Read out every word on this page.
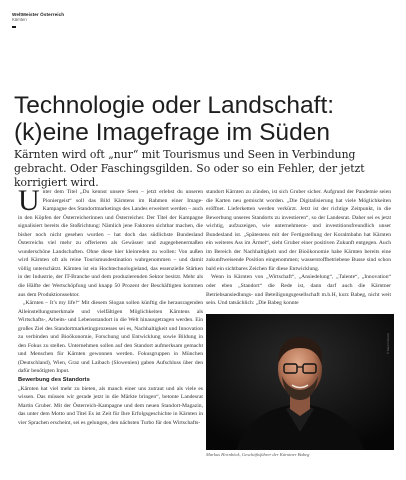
WeltMeister Österreich
Kärnten
Technologie oder Landschaft: (k)eine Imagefrage im Süden

Kärnten wird oft „nur“ mit Tourismus und Seen in Verbindung gebracht. Oder Faschingsgilden. So oder so ein Fehler, der jetzt korrigiert wird.

Unter dem Titel „Du kennst unsere Seen – jetzt erlebst du unseren Pioniergeist“ soll das Bild Kärntens im Rahmen einer Image-Kampagne des Standortmarketings des Landes erweitert werden – auch in den Köpfen der Österreicherinnen und Österreicher. Der Titel der Kampagne signalisiert bereits die Stoßrichtung: Nämlich jene Faktoren sichtbar machen, die bisher noch nicht gesehen wurden – hat doch das südlichste Bundesland Österreichs viel mehr zu offerieren als Gewässer und zugegebenermaßen wunderschöne Landschaften. Ohne diese hier kleinreden zu wollen: Von außen wird Kärnten oft als reine Tourismusdestination wahrgenommen – und damit völlig unterschätzt. Kärnten ist ein Hochtechnologieland, das essenzielle Stärken in der Industrie, der IT-Branche und dem produzierenden Sektor besitzt. Mehr als die Hälfte der Wertschöpfung und knapp 50 Prozent der Beschäftigten kommen aus dem Produktionssektor.

„Kärnten – It’s my life!“ Mit diesem Slogan sollen künftig die herausragenden Alleinstellungsmerkmale und vielfältigen Möglichkeiten Kärntens als Wirtschafts-, Arbeits- und Lebensstandort in die Welt hinausgetragen werden. Ein großes Ziel des Standortmarketingprozesses sei es, Nachhaltigkeit und Innovation zu verbinden und Bioökonomie, Forschung und Entwicklung sowie Bildung in den Fokus zu stellen. Unternehmen sollen auf den Standort aufmerksam gemacht und Menschen für Kärnten gewonnen werden. Fokusgruppen in München (Deutschland), Wien, Graz und Laibach (Slowenien) gaben Aufschluss über den dafür benötigten Input.

Bewerbung des Standorts

„Kärnten hat viel mehr zu bieten, als manch einer uns zutraut und als viele es wissen. Das müssen wir gerade jetzt in die Märkte bringen“, betonte Landesrat Martin Gruber. Mit der Österreich-Kampagne und dem neuen Standort-Magazin, das unter dem Motto und Titel Es ist Zeit für Ihre Erfolgsgeschichte in Kärnten in vier Sprachen erscheint, sei es gelungen, den nächsten Turbo für den Wirtschafts-

standort Kärnten zu zünden, ist sich Gruber sicher. Aufgrund der Pandemie seien die Karten neu gemischt worden. „Die Digitalisierung hat viele Möglichkeiten eröffnet. Lieferketten werden verkürzt. Jetzt ist der richtige Zeitpunkt, in die Bewerbung unseres Standorts zu investieren“, so der Landesrat. Daher sei es jetzt wichtig, aufzuzeigen, wie unternehmens- und investitionsfreundlich unser Bundesland ist. „Spätestens mit der Fertigstellung der Koralmbahn hat Kärnten ein weiteres Ass im Ärmel“, sieht Gruber einer positiven Zukunft entgegen. Auch im Bereich der Nachhaltigkeit und der Bioökonomie habe Kärnten bereits eine zukunftweisende Position eingenommen; wasserstoffbetriebene Busse sind schon bald ein sichtbares Zeichen für diese Entwicklung.

Wenn in Kärnten von „Wirtschaft“, „Ansiedelung“, „Talente“, „Innovation“ oder eben „Standort“ die Rede ist, dann darf auch die Kärntner Betriebsansiedlungs- und Beteiligungsgesellschaft m.b.H, kurz Babeg, nicht weit sein. Und tatsächlich: „Die Babeg konnte

© Martin Nörzel
Markus Hornböck, Geschäftsführer der Kärntner Babeg
